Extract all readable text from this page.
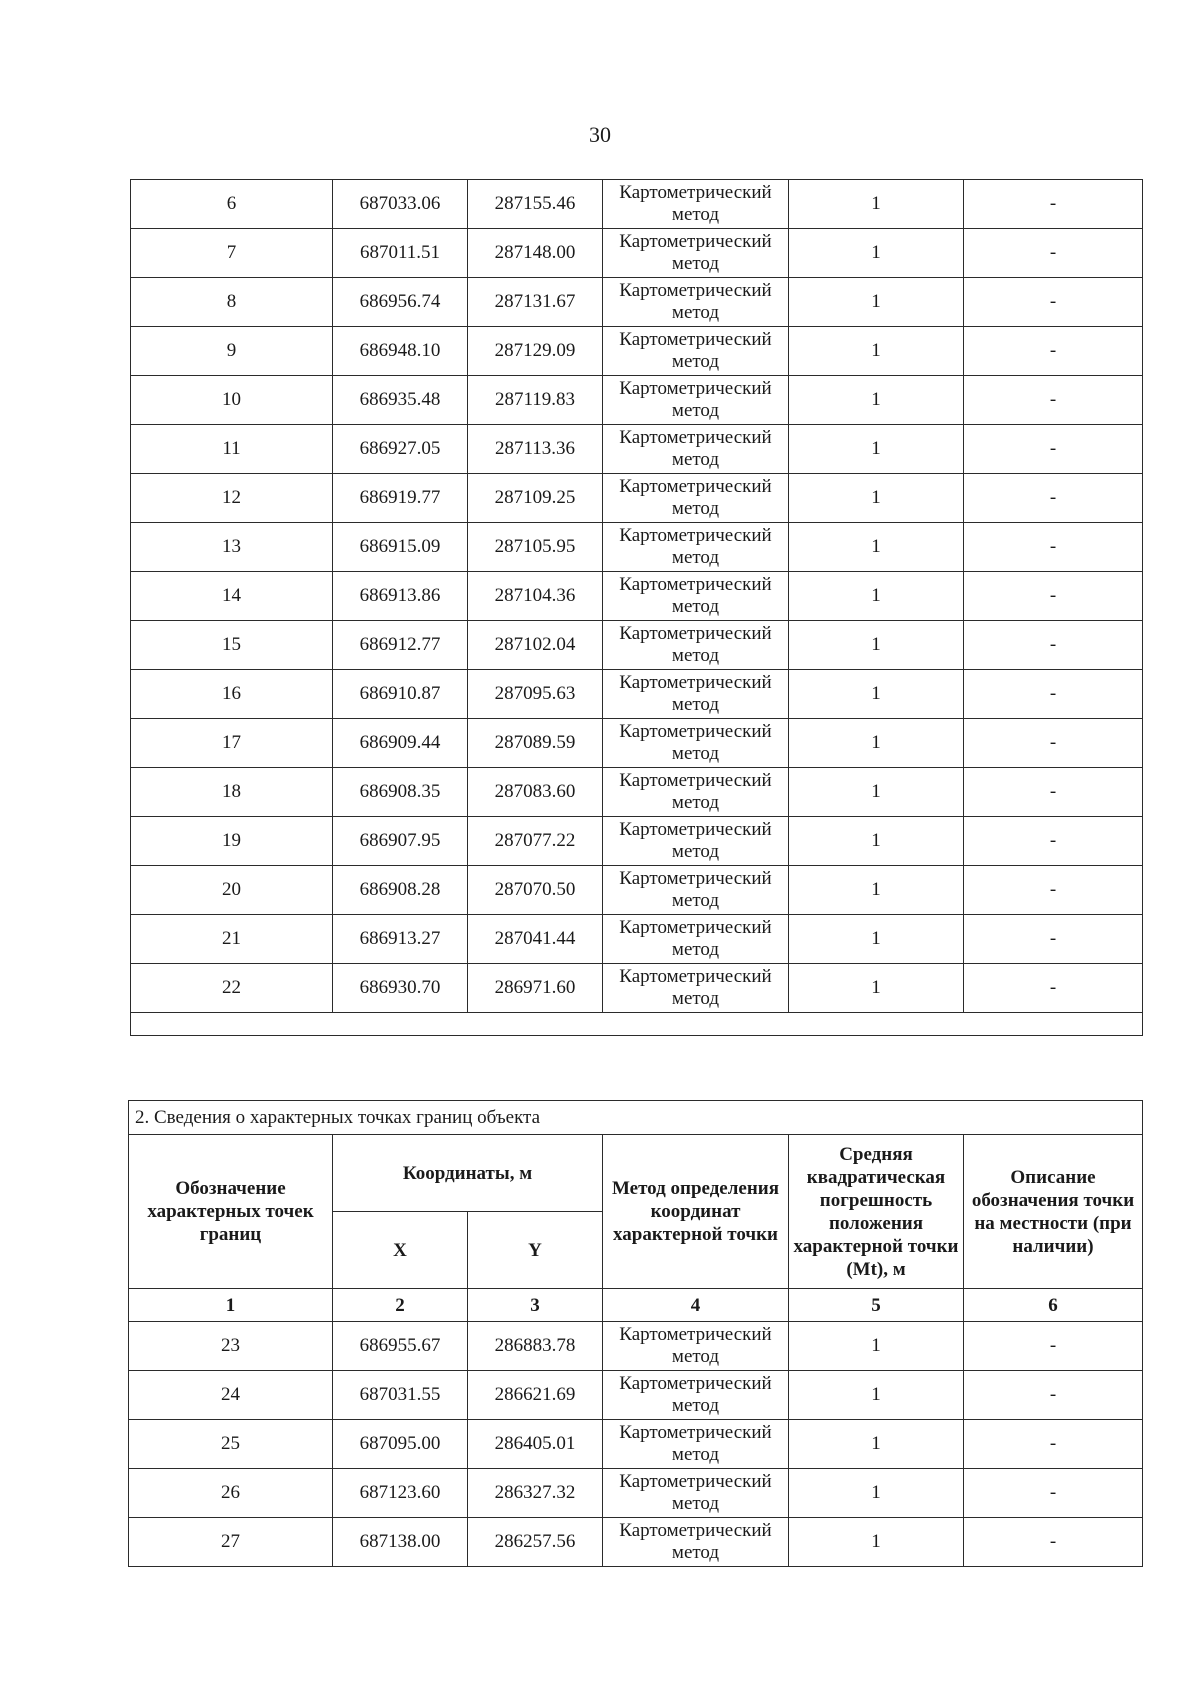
30
6	687033.06	287155.46	Картометрический метод	1	-
7	687011.51	287148.00	Картометрический метод	1	-
8	686956.74	287131.67	Картометрический метод	1	-
9	686948.10	287129.09	Картометрический метод	1	-
10	686935.48	287119.83	Картометрический метод	1	-
11	686927.05	287113.36	Картометрический метод	1	-
12	686919.77	287109.25	Картометрический метод	1	-
13	686915.09	287105.95	Картометрический метод	1	-
14	686913.86	287104.36	Картометрический метод	1	-
15	686912.77	287102.04	Картометрический метод	1	-
16	686910.87	287095.63	Картометрический метод	1	-
17	686909.44	287089.59	Картометрический метод	1	-
18	686908.35	287083.60	Картометрический метод	1	-
19	686907.95	287077.22	Картометрический метод	1	-
20	686908.28	287070.50	Картометрический метод	1	-
21	686913.27	287041.44	Картометрический метод	1	-
22	686930.70	286971.60	Картометрический метод	1	-

2. Сведения о характерных точках границ объекта					
Обозначение характерных точек границ	Координаты, м		Метод определения координат характерной точки	Средняя квадратическая погрешность положения характерной точки (Mt), м	Описание обозначения точки на местности (при наличии)
	X	Y			
1	2	3	4	5	6
23	686955.67	286883.78	Картометрический метод	1	-
24	687031.55	286621.69	Картометрический метод	1	-
25	687095.00	286405.01	Картометрический метод	1	-
26	687123.60	286327.32	Картометрический метод	1	-
27	687138.00	286257.56	Картометрический метод	1	-
